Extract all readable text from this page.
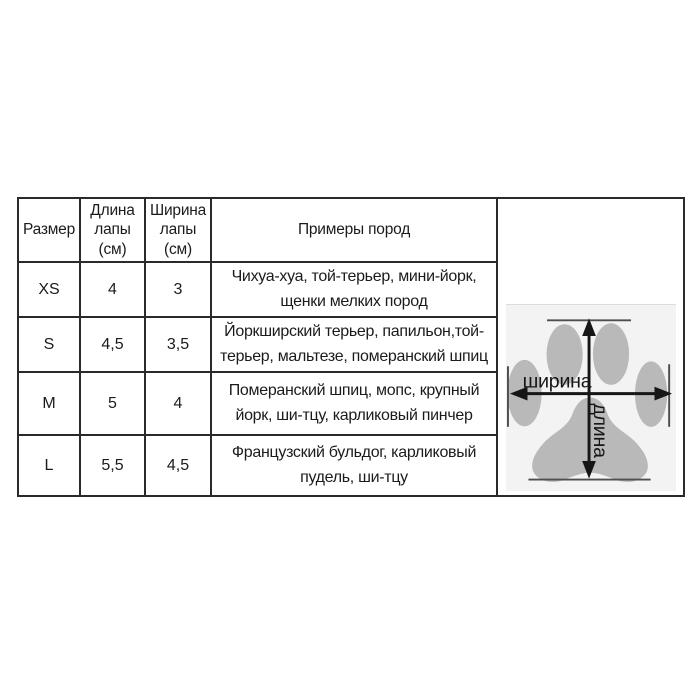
Размер	Длина лапы (см)	Ширина лапы (см)	Примеры пород	ширина
длина

XS	4	3	Чихуа-хуа, той-терьер, мини-йорк, щенки мелких пород	
S	4,5	3,5	Йоркширский терьер, папильон,той-терьер, мальтезе, померанский шпиц	
M	5	4	Померанский шпиц, мопс, крупный йорк, ши-тцу, карликовый пинчер	
L	5,5	4,5	Французский бульдог, карликовый пудель, ши-тцу	
